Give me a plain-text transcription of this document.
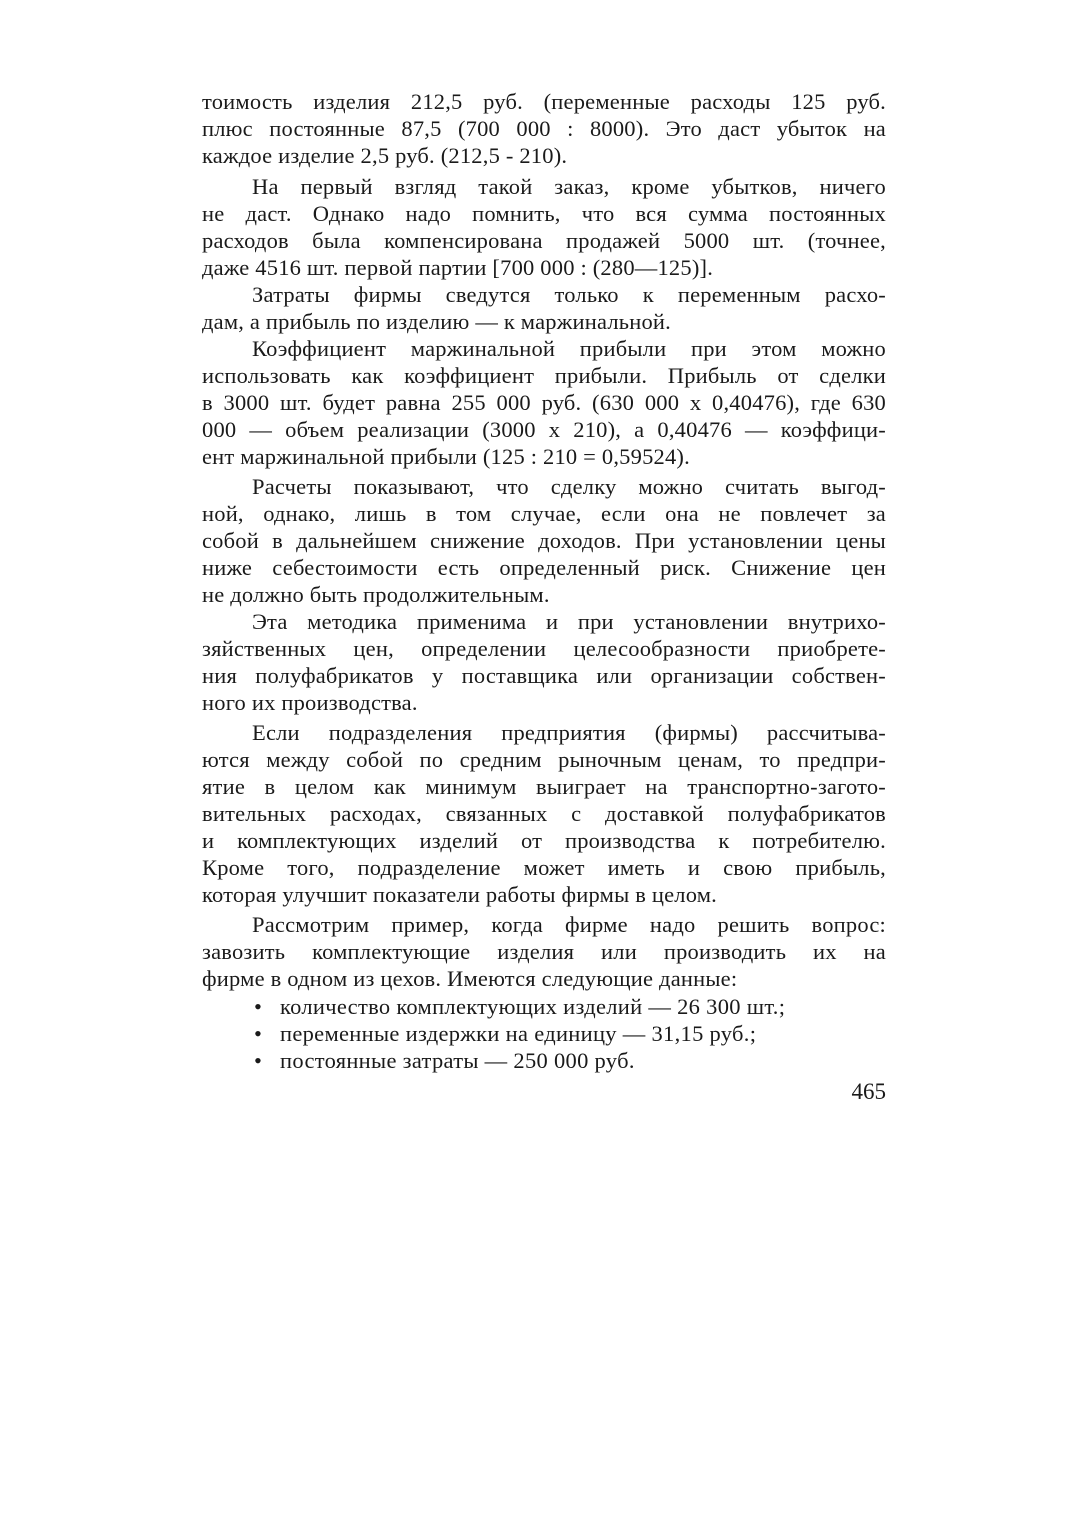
тоимость изделия 212,5 руб. (переменные расходы 125 руб.
плюс постоянные 87,5 (700 000 : 8000). Это даст убыток на
каждое изделие 2,5 руб. (212,5 - 210).
На первый взгляд такой заказ, кроме убытков, ничего
не даст. Однако надо помнить, что вся сумма постоянных
расходов была компенсирована продажей 5000 шт. (точнее,
даже 4516 шт. первой партии [700 000 : (280—125)].
Затраты фирмы сведутся только к переменным расхо-
дам, а прибыль по изделию — к маржинальной.
Коэффициент маржинальной прибыли при этом можно
использовать как коэффициент прибыли. Прибыль от сделки
в 3000 шт. будет равна 255 000 руб. (630 000 х 0,40476), где 630
000 — объем реализации (3000 х 210), а 0,40476 — коэффици-
ент маржинальной прибыли (125 : 210 = 0,59524).
Расчеты показывают, что сделку можно считать выгод-
ной, однако, лишь в том случае, если она не повлечет за
собой в дальнейшем снижение доходов. При установлении цены
ниже себестоимости есть определенный риск. Снижение цен
не должно быть продолжительным.
Эта методика применима и при установлении внутрихо-
зяйственных цен, определении целесообразности приобрете-
ния полуфабрикатов у поставщика или организации собствен-
ного их производства.
Если подразделения предприятия (фирмы) рассчитыва-
ются между собой по средним рыночным ценам, то предпри-
ятие в целом как минимум выиграет на транспортно-загото-
вительных расходах, связанных с доставкой полуфабрикатов
и комплектующих изделий от производства к потребителю.
Кроме того, подразделение может иметь и свою прибыль,
которая улучшит показатели работы фирмы в целом.
Рассмотрим пример, когда фирме надо решить вопрос:
завозить комплектующие изделия или производить их на
фирме в одном из цехов. Имеются следующие данные:
• количество комплектующих изделий — 26 300 шт.;
• переменные издержки на единицу — 31,15 руб.;
• постоянные затраты — 250 000 руб.
465
